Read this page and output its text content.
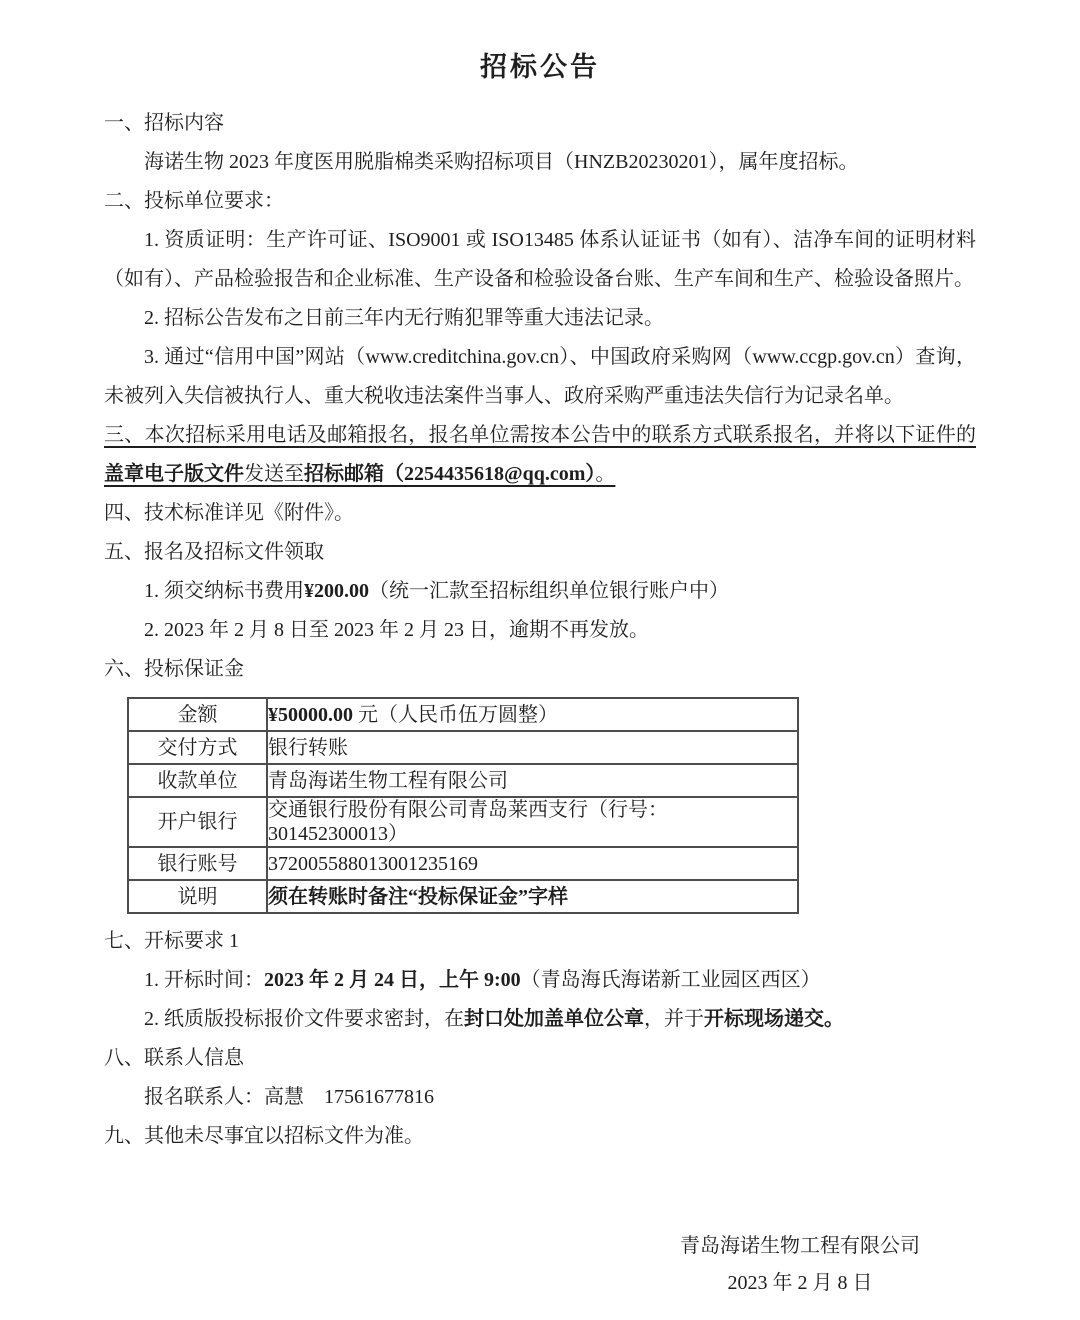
招标公告

一、招标内容

海诺生物 2023 年度医用脱脂棉类采购招标项目（HNZB20230201），属年度招标。

二、投标单位要求：

1. 资质证明：生产许可证、ISO9001 或 ISO13485 体系认证证书（如有）、洁净车间的证明材料（如有）、产品检验报告和企业标准、生产设备和检验设备台账、生产车间和生产、检验设备照片。

2. 招标公告发布之日前三年内无行贿犯罪等重大违法记录。

3. 通过“信用中国”网站（www.creditchina.gov.cn）、中国政府采购网（www.ccgp.gov.cn）查询，未被列入失信被执行人、重大税收违法案件当事人、政府采购严重违法失信行为记录名单。

三、本次招标采用电话及邮箱报名，报名单位需按本公告中的联系方式联系报名，并将以下证件的盖章电子版文件发送至招标邮箱（2254435618@qq.com）。

四、技术标准详见《附件》。

五、报名及招标文件领取

1. 须交纳标书费用¥200.00（统一汇款至招标组织单位银行账户中）

2. 2023 年 2 月 8 日至 2023 年 2 月 23 日，逾期不再发放。

六、投标保证金

金额	¥50000.00 元（人民币伍万圆整）
交付方式	银行转账
收款单位	青岛海诺生物工程有限公司
开户银行	交通银行股份有限公司青岛莱西支行（行号：301452300013）
银行账号	372005588013001235169
说明	须在转账时备注“投标保证金”字样

七、开标要求 1

1. 开标时间：2023 年 2 月 24 日，上午 9:00（青岛海氏海诺新工业园区西区）

2. 纸质版投标报价文件要求密封，在封口处加盖单位公章，并于开标现场递交。

八、联系人信息

报名联系人：高慧　17561677816

九、其他未尽事宜以招标文件为准。

青岛海诺生物工程有限公司

2023 年 2 月 8 日
